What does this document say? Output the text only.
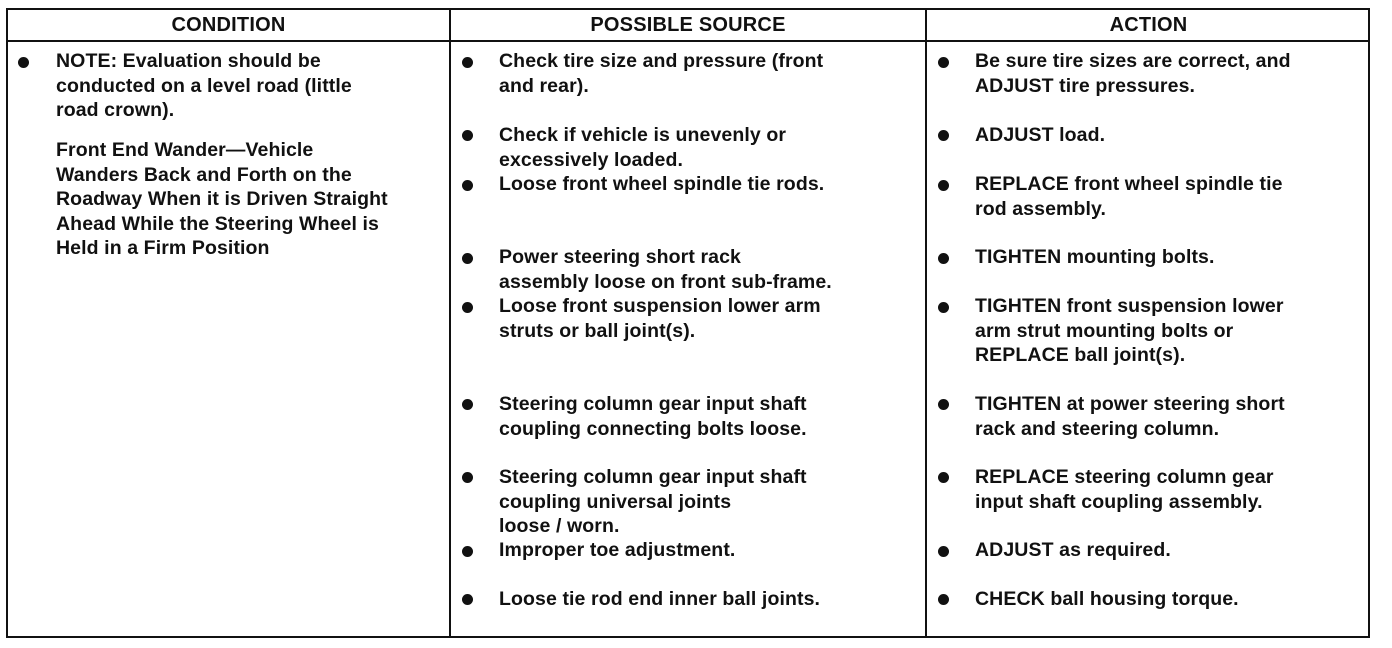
CONDITION	POSSIBLE SOURCE	ACTION
NOTE: Evaluation should be
conducted on a level road (little
road crown).
Front End Wander—Vehicle
Wanders Back and Forth on the
Roadway When it is Driven Straight
Ahead While the Steering Wheel is
Held in a Firm Position
Check tire size and pressure (front
and rear).
Check if vehicle is unevenly or
excessively loaded.
Loose front wheel spindle tie rods.
Power steering short rack
assembly loose on front sub-frame.
Loose front suspension lower arm
struts or ball joint(s).
Steering column gear input shaft
coupling connecting bolts loose.
Steering column gear input shaft
coupling universal joints
loose / worn.
Improper toe adjustment.
Loose tie rod end inner ball joints.
Be sure tire sizes are correct, and
ADJUST tire pressures.
ADJUST load.
REPLACE front wheel spindle tie
rod assembly.
TIGHTEN mounting bolts.
TIGHTEN front suspension lower
arm strut mounting bolts or
REPLACE ball joint(s).
TIGHTEN at power steering short
rack and steering column.
REPLACE steering column gear
input shaft coupling assembly.
ADJUST as required.
CHECK ball housing torque.
